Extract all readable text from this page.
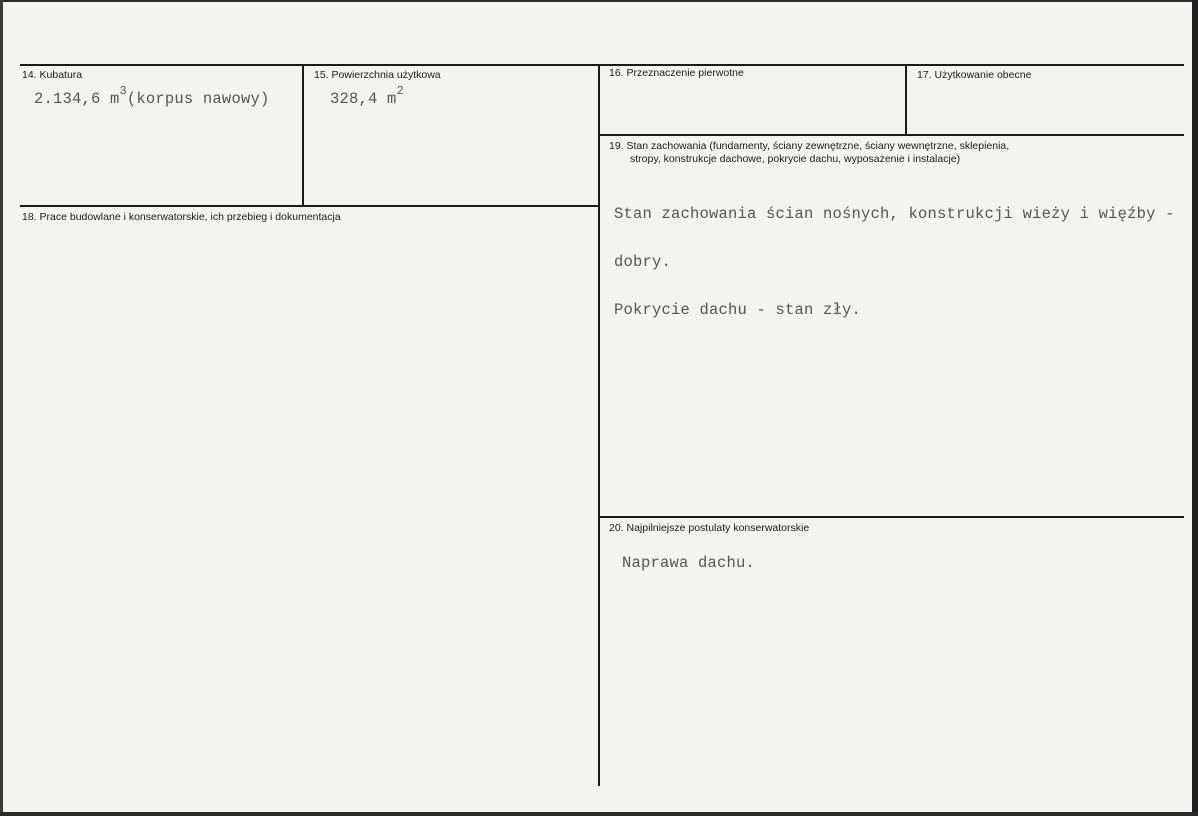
14. Kubatura
2.134,6 $m^3(korpus$ nawowy)
15. Powierzchnia użytkowa
328,4 $m^2$
16. Przeznaczenie pierwotne	17. Użytkowanie obecne
18. Prace budowlane i konserwatorskie, ich przebieg i dokumentacja
19. Stan zachowania (fundamenty, ściany zewnętrzne, ściany wewnętrzne, sklepienia,
stropy, konstrukcje dachowe, pokrycie dachu, wyposażenie i instalacje)

Stan zachowania ścian nośnych, konstrukcji wieży i więźby -

dobry.

Pokrycie dachu - stan zły.

20. Najpilniejsze postulaty konserwatorskie
Naprawa dachu.
